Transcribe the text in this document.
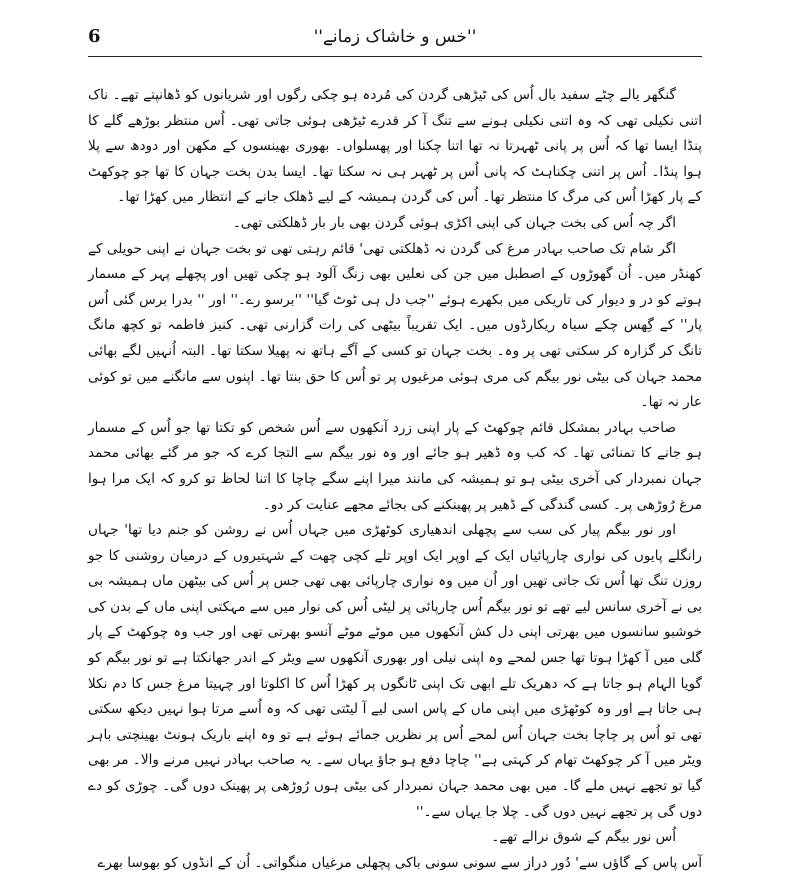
6	''خس و خاشاک زمانے''

گنگھر یالے چٹے سفید بال اُس کی ٹیڑھی گردن کی مُردہ ہو چکی رگوں اور شریانوں کو ڈھانپتے تھے۔ ناک اتنی نکیلی تھی کہ وہ اتنی نکیلی ہونے سے تنگ آ کر قدرے ٹیڑھی ہوئی جاتی تھی۔ اُس منتظر بوڑھے گلے کا پنڈا ایسا تھا کہ اُس پر پانی ٹھہرتا نہ تھا اتنا چکنا اور پھسلواں۔ بھوری بھینسوں کے مکھن اور دودھ سے پلا ہوا پنڈا۔ اُس پر اتنی چکناہٹ کہ پانی اُس پر ٹھہر ہی نہ سکتا تھا۔ ایسا بدن بخت جہان کا تھا جو چوکھٹ کے پار کھڑا اُس کی مرگ کا منتظر تھا۔ اُس کی گردن ہمیشہ کے لیے ڈھلک جانے کے انتظار میں کھڑا تھا۔

اگر چہ اُس کی بخت جہان کی اپنی اکڑی ہوئی گردن بھی بار بار ڈھلکتی تھی۔

اگر شام تک صاحب بہادر مرغ کی گردن نہ ڈھلکتی تھی' قائم رہتی تھی تو بخت جہان نے اپنی حویلی کے کھنڈر میں۔ اُن گھوڑوں کے اصطبل میں جن کی نعلیں بھی زنگ آلود ہو چکی تھیں اور پچھلے پہر کے مسمار ہوتے کو در و دیوار کی تاریکی میں بکھرے ہوئے ''جب دل ہی ٹوٹ گیا'' ''برسو رے۔'' اور '' بدرا برس گئی اُس پار'' کے گِھس چکے سیاہ ریکارڈوں میں۔ ایک تقریباً بیٹھی کی رات گزارنی تھی۔ کنیز فاطمہ تو کچھ مانگ تانگ کر گزارہ کر سکتی تھی پر وہ۔ بخت جہان تو کسی کے آگے ہاتھ نہ پھیلا سکتا تھا۔ البتہ اُنہیں لگے بھائی محمد جہان کی بیٹی نور بیگم کی مری ہوئی مرغیوں پر تو اُس کا حق بنتا تھا۔ اپنوں سے مانگنے میں تو کوئی عار نہ تھا۔

صاحب بہادر بمشکل قائم چوکھٹ کے پار اپنی زرد آنکھوں سے اُس شخص کو تکتا تھا جو اُس کے مسمار ہو جانے کا تمنائی تھا۔ کہ کب وہ ڈھیر ہو جائے اور وہ نور بیگم سے التجا کرے کہ جو مر گئے بھائی محمد جہان نمبردار کی آخری بیٹی ہو تو ہمیشہ کی مانند میرا اپنے سگے چاچا کا اتنا لحاظ تو کرو کہ ایک مرا ہوا مرغ رُوڑھی پر۔ کسی گندگی کے ڈھیر پر پھینکنے کی بجائے مجھے عنایت کر دو۔

اور نور بیگم پیار کی سب سے پچھلی اندھیاری کوٹھڑی میں جہاں اُس نے روشن کو جنم دیا تھا' جہاں رانگلے پایوں کی نواری چارپائیاں ایک کے اوپر ایک اوپر تلے کچی چھت کے شہتیروں کے درمیان روشنی کا جو روزن تنگ تھا اُس تک جاتی تھیں اور اُن میں وہ نواری چارپائی بھی تھی جس پر اُس کی بیٹھن ماں ہمیشہ بی بی نے آخری سانس لیے تھے تو نور بیگم اُس چارپائی پر لیٹی اُس کی نوار میں سے مہکتی اپنی ماں کے بدن کی خوشبو سانسوں میں بھرتی اپنی دل کش آنکھوں میں موٹے موٹے آنسو بھرتی تھی اور جب وہ چوکھٹ کے پار گلی میں آ کھڑا ہوتا تھا جس لمحے وہ اپنی نیلی اور بھوری آنکھوں سے ویٹر کے اندر جھانکتا ہے تو نور بیگم کو گویا الہام ہو جاتا ہے کہ دھریک تلے ابھی تک اپنی ٹانگوں پر کھڑا اُس کا اکلوتا اور چہیتا مرغ جس کا دم نکلا ہی جاتا ہے اور وہ کوٹھڑی میں اپنی ماں کے پاس اسی لیے آ لیٹتی تھی کہ وہ اُسے مرتا ہوا نہیں دیکھ سکتی تھی تو اُس پر چاچا بخت جہان اُس لمحے اُس پر نظریں جمائے ہوئے ہے تو وہ اپنے باریک ہونٹ بھینچتی باہر ویٹر میں آ کر چوکھٹ تھام کر کہتی ہے'' چاچا دفع ہو جاؤ یہاں سے۔ یہ صاحب بہادر نہیں مرنے والا۔ مر بھی گیا تو تجھے نہیں ملے گا۔ میں بھی محمد جہان نمبردار کی بیٹی ہوں رُوڑھی پر پھینک دوں گی۔ چوڑی کو دے دوں گی پر تجھے نہیں دوں گی۔ چلا جا یہاں سے۔''

اُس نور بیگم کے شوق نرالے تھے۔

آس پاس کے گاؤں سے' دُور دراز سے سونی سونی باکی پچھلی مرغیاں منگواتی۔ اُن کے انڈوں کو بھوسا بھرے
